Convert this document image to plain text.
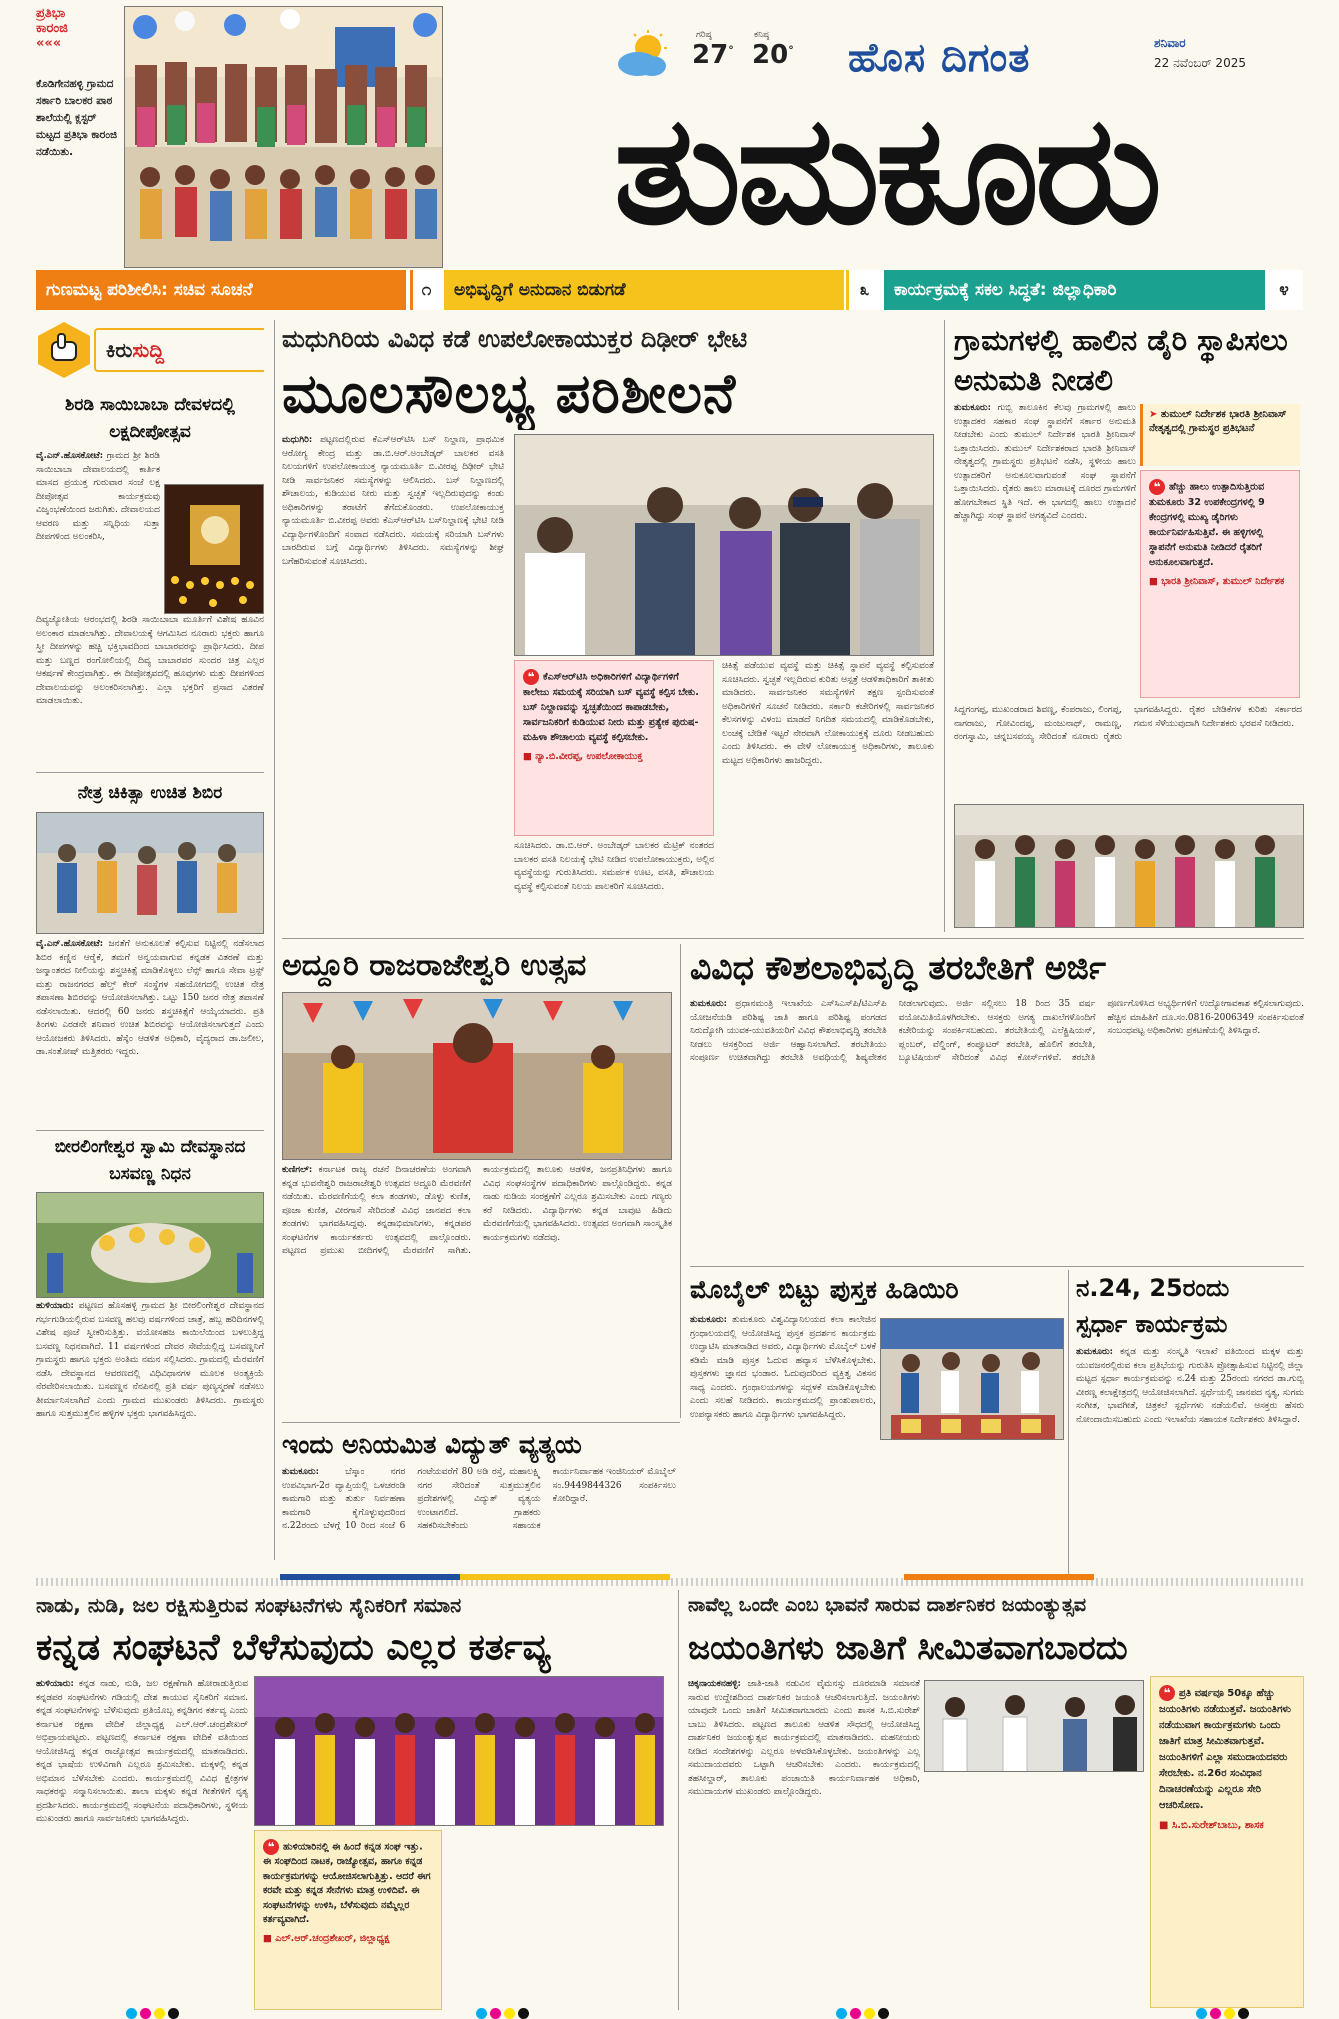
ಪ್ರತಿಭಾ
ಕಾರಂಜಿ
«««
ಕೊಡಿಗೇನಹಳ್ಳಿ ಗ್ರಾಮದ ಸರ್ಕಾರಿ ಬಾಲಕರ ಪಾಠ ಶಾಲೆಯಲ್ಲಿ ಕ್ಲಸ್ಟರ್ ಮಟ್ಟದ ಪ್ರತಿಭಾ ಕಾರಂಜಿ ನಡೆಯಿತು.
ಗರಿಷ್ಠ
27°
ಕನಿಷ್ಠ
20° ಹೊಸ ದಿಗಂತ	ಶನಿವಾರ
22 ನವೆಂಬರ್ 2025
ತುಮಕೂರು
ಗುಣಮಟ್ಟ ಪರಿಶೀಲಿಸಿ: ಸಚಿವ ಸೂಚನೆ	೧	ಅಭಿವೃದ್ಧಿಗೆ ಅನುದಾನ ಬಿಡುಗಡೆ	೩	ಕಾರ್ಯಕ್ರಮಕ್ಕೆ ಸಕಲ ಸಿದ್ಧತೆ: ಜಿಲ್ಲಾಧಿಕಾರಿ	೪
ಕಿರುಸುದ್ದಿ
ಶಿರಡಿ ಸಾಯಿಬಾಬಾ ದೇವಳದಲ್ಲಿ ಲಕ್ಷದೀಪೋತ್ಸವ
ವೈ.ಎನ್.ಹೊಸಕೋಟೆ: ಗ್ರಾಮದ ಶ್ರೀ ಶಿರಡಿ ಸಾಯಿಬಾಬಾ ದೇವಾಲಯದಲ್ಲಿ ಕಾರ್ತಿಕ ಮಾಸದ ಪ್ರಯುಕ್ತ ಗುರುವಾರ ಸಂಜೆ ಲಕ್ಷ ದೀಪೋತ್ಸವ ಕಾರ್ಯಕ್ರಮವು ವಿಜೃಂಭಣೆಯಿಂದ ಜರುಗಿತು. ದೇವಾಲಯದ ಆವರಣ ಮತ್ತು ಸನ್ನಿಧಿಯ ಸುತ್ತಾ ದೀಪಗಳಿಂದ ಅಲಂಕರಿಸಿ,
ದಿವ್ಯಜ್ಯೋತಿಯ ಆರಂಭದಲ್ಲಿ ಶಿರಡಿ ಸಾಯಿಬಾಬಾ ಮೂರ್ತಿಗೆ ವಿಶೇಷ ಹೂವಿನ ಅಲಂಕಾರ ಮಾಡಲಾಗಿತ್ತು. ದೇವಾಲಯಕ್ಕೆ ಆಗಮಿಸಿದ ನೂರಾರು ಭಕ್ತರು ಹಾಗೂ ಸ್ತ್ರೀ ದೀಪಗಳನ್ನು ಹಚ್ಚಿ ಭಕ್ತಿಭಾವದಿಂದ ಬಾಬಾರವರನ್ನು ಪ್ರಾರ್ಥಿಸಿದರು. ದೀಪ ಮತ್ತು ಬಣ್ಣದ ರಂಗೋಲಿಯಲ್ಲಿ ದಿವ್ಯ ಬಾಬಾರವರ ಸುಂದರ ಚಿತ್ರ ಎಲ್ಲರ ಆಕರ್ಷಣೆ ಕೇಂದ್ರವಾಗಿತ್ತು. ಈ ದೀಪೋತ್ಸವದಲ್ಲಿ ಹೂವುಗಳು ಮತ್ತು ದೀಪಗಳಿಂದ ದೇವಾಲಯವನ್ನು ಅಲಂಕರಿಸಲಾಗಿತ್ತು. ಎಲ್ಲಾ ಭಕ್ತರಿಗೆ ಪ್ರಸಾದ ವಿತರಣೆ ಮಾಡಲಾಯಿತು.
ನೇತ್ರ ಚಿಕಿತ್ಸಾ ಉಚಿತ ಶಿಬಿರ
ವೈ.ಎನ್.ಹೊಸಕೋಟೆ: ಜನತೆಗೆ ಅನುಕೂಲತೆ ಕಲ್ಪಿಸುವ ನಿಟ್ಟಿನಲ್ಲಿ ನಡೆಸಲಾದ ಶಿಬಿರ ಕಣ್ಣಿನ ಆರೈಕೆ, ತಮಗೆ ಅನ್ವಯವಾಗುವ ಕನ್ನಡಕ ವಿತರಣೆ ಮತ್ತು ಜನ್ಮಾಂತರದ ನೀಲಿಯನ್ನು ಶಸ್ತ್ರಚಿಕಿತ್ಸೆ ಮಾಡಿಕೊಳ್ಳಲು ಲೆನ್ಸ್ ಹಾಗೂ ಸೇವಾ ಟ್ರಸ್ಟ್ ಮತ್ತು ರಾಜನಗರದ ಹೆಲ್ತ್ ಕೇರ್ ಸಂಸ್ಥೆಗಳ ಸಹಯೋಗದಲ್ಲಿ ಉಚಿತ ನೇತ್ರ ತಪಾಸಣಾ ಶಿಬಿರವನ್ನು ಆಯೋಜಿಸಲಾಗಿತ್ತು. ಒಟ್ಟು 150 ಜನರ ನೇತ್ರ ತಪಾಸಣೆ ನಡೆಸಲಾಯಿತು. ಆದರಲ್ಲಿ 60 ಜನರು ಶಸ್ತ್ರಚಿಕಿತ್ಸೆಗೆ ಆಯ್ಕೆಯಾದರು. ಪ್ರತಿ ತಿಂಗಳು ಎರಡನೇ ಶನಿವಾರ ಉಚಿತ ಶಿಬಿರವನ್ನು ಆಯೋಜಿಸಲಾಗುತ್ತದೆ ಎಂದು ಆಯೋಜಕರು ತಿಳಿಸಿದರು. ಹೆಸ್ಕೆಂ ಆಡಳಿತ ಅಧಿಕಾರಿ, ವೈದ್ಯರಾದ ಡಾ.ಜಲೀಲ, ಡಾ.ಸಂತೋಷ್ ಮತ್ತಿತರರು ಇದ್ದರು.
ಬೀರಲಿಂಗೇಶ್ವರ ಸ್ವಾಮಿ ದೇವಸ್ಥಾನದ ಬಸವಣ್ಣ ನಿಧನ
ಹುಳಿಯಾರು: ಪಟ್ಟಣದ ಹೊಸಹಳ್ಳಿ ಗ್ರಾಮದ ಶ್ರೀ ಬೀರಲಿಂಗೇಶ್ವರ ದೇವಸ್ಥಾನದ ಗರ್ಭಗುಡಿಯಲ್ಲಿರುವ ಬಸವಣ್ಣ ಹಲವು ವರ್ಷಗಳಿಂದ ಜಾತ್ರೆ, ಹಬ್ಬ ಹರಿದಿನಗಳಲ್ಲಿ ವಿಶೇಷ ಪೂಜೆ ಸ್ವೀಕರಿಸುತ್ತಿತ್ತು. ವಯೋಸಹಜ ಕಾಯಿಲೆಯಿಂದ ಬಳಲುತ್ತಿದ್ದ ಬಸವಣ್ಣ ನಿಧನವಾಗಿದೆ. 11 ವರ್ಷಗಳಿಂದ ದೇವರ ಸೇವೆಯಲ್ಲಿದ್ದ ಬಸವಣ್ಣನಿಗೆ ಗ್ರಾಮಸ್ಥರು ಹಾಗೂ ಭಕ್ತರು ಅಂತಿಮ ನಮನ ಸಲ್ಲಿಸಿದರು. ಗ್ರಾಮದಲ್ಲಿ ಮೆರವಣಿಗೆ ನಡೆಸಿ ದೇವಸ್ಥಾನದ ಆವರಣದಲ್ಲಿ ವಿಧಿವಿಧಾನಗಳ ಮೂಲಕ ಅಂತ್ಯಕ್ರಿಯೆ ನೆರವೇರಿಸಲಾಯಿತು. ಬಸವಣ್ಣನ ನೆನಪಿನಲ್ಲಿ ಪ್ರತಿ ವರ್ಷ ಪುಣ್ಯಸ್ಮರಣೆ ನಡೆಸಲು ತೀರ್ಮಾನಿಸಲಾಗಿದೆ ಎಂದು ಗ್ರಾಮದ ಮುಖಂಡರು ತಿಳಿಸಿದರು. ಗ್ರಾಮಸ್ಥರು ಹಾಗೂ ಸುತ್ತಮುತ್ತಲಿನ ಹಳ್ಳಿಗಳ ಭಕ್ತರು ಭಾಗವಹಿಸಿದ್ದರು.
ಮಧುಗಿರಿಯ ವಿವಿಧ ಕಡೆ ಉಪಲೋಕಾಯುಕ್ತರ ದಿಢೀರ್ ಭೇಟಿ
ಮೂಲಸೌಲಭ್ಯ ಪರಿಶೀಲನೆ
ಮಧುಗಿರಿ: ಪಟ್ಟಣದಲ್ಲಿರುವ ಕೆಎಸ್‌ಆರ್‌ಟಿಸಿ ಬಸ್ ನಿಲ್ದಾಣ, ಪ್ರಾಥಮಿಕ ಆರೋಗ್ಯ ಕೇಂದ್ರ ಮತ್ತು ಡಾ.ಬಿ.ಆರ್.ಅಂಬೇಡ್ಕರ್ ಬಾಲಕರ ವಸತಿ ನಿಲಯಗಳಿಗೆ ಉಪಲೋಕಾಯುಕ್ತ ನ್ಯಾಯಮೂರ್ತಿ ಬಿ.ವೀರಪ್ಪ ದಿಢೀರ್ ಭೇಟಿ ನೀಡಿ ಸಾರ್ವಜನಿಕರ ಸಮಸ್ಯೆಗಳನ್ನು ಆಲಿಸಿದರು. ಬಸ್ ನಿಲ್ದಾಣದಲ್ಲಿ ಶೌಚಾಲಯ, ಕುಡಿಯುವ ನೀರು ಮತ್ತು ಸ್ವಚ್ಛತೆ ಇಲ್ಲದಿರುವುದನ್ನು ಕಂಡು ಅಧಿಕಾರಿಗಳನ್ನು ತರಾಟೆಗೆ ತೆಗೆದುಕೊಂಡರು. ಉಪಲೋಕಾಯುಕ್ತ ನ್ಯಾಯಮೂರ್ತಿ ಬಿ.ವೀರಪ್ಪ ಅವರು ಕೆಎಸ್‌ಆರ್‌ಟಿಸಿ ಬಸ್‌ನಿಲ್ದಾಣಕ್ಕೆ ಭೇಟಿ ನೀಡಿ ವಿದ್ಯಾರ್ಥಿಗಳೊಂದಿಗೆ ಸಂವಾದ ನಡೆಸಿದರು. ಸಮಯಕ್ಕೆ ಸರಿಯಾಗಿ ಬಸ್‌ಗಳು ಬಾರದಿರುವ ಬಗ್ಗೆ ವಿದ್ಯಾರ್ಥಿಗಳು ತಿಳಿಸಿದರು. ಸಮಸ್ಯೆಗಳನ್ನು ಶೀಘ್ರ ಬಗೆಹರಿಸುವಂತೆ ಸೂಚಿಸಿದರು.
❝ ಕೆಎಸ್‌ಆರ್‌ಟಿಸಿ ಅಧಿಕಾರಿಗಳಿಗೆ ವಿದ್ಯಾರ್ಥಿಗಳಿಗೆ ಕಾಲೇಜು ಸಮಯಕ್ಕೆ ಸರಿಯಾಗಿ ಬಸ್ ವ್ಯವಸ್ಥೆ ಕಲ್ಪಿಸ ಬೇಕು. ಬಸ್ ನಿಲ್ದಾಣವನ್ನು ಸ್ವಚ್ಛತೆಯಿಂದ ಕಾಪಾಡಬೇಕು, ಸಾರ್ವಜನಿಕರಿಗೆ ಕುಡಿಯುವ ನೀರು ಮತ್ತು ಪ್ರತ್ಯೇಕ ಪುರುಷ-ಮಹಿಳಾ ಶೌಚಾಲಯ ವ್ಯವಸ್ಥೆ ಕಲ್ಪಿಸಬೇಕು.
■ ನ್ಯಾ.ಬಿ.ವೀರಪ್ಪ, ಉಪಲೋಕಾಯುಕ್ತ
ಸೂಚಿಸಿದರು. ಡಾ.ಬಿ.ಆರ್. ಅಂಬೇಡ್ಕರ್ ಬಾಲಕರ ಮೆಟ್ರಿಕ್ ನಂತರದ ಬಾಲಕರ ವಸತಿ ನಿಲಯಕ್ಕೆ ಭೇಟಿ ನೀಡಿದ ಉಪಲೋಕಾಯುಕ್ತರು, ಅಲ್ಲಿನ ವ್ಯವಸ್ಥೆಯನ್ನು ಗುರುತಿಸಿದರು. ಸಮರ್ಪಕ ಊಟ, ವಸತಿ, ಶೌಚಾಲಯ ವ್ಯವಸ್ಥೆ ಕಲ್ಪಿಸುವಂತೆ ನಿಲಯ ಪಾಲಕರಿಗೆ ಸೂಚಿಸಿದರು.
ಚಿಕಿತ್ಸೆ ಪಡೆಯುವ ವ್ಯವಸ್ಥೆ ಮತ್ತು ಚಿಕಿತ್ಸೆ ಸ್ಥಾಪನೆ ವ್ಯವಸ್ಥೆ ಕಲ್ಪಿಸುವಂತೆ ಸೂಚಿಸಿದರು. ಸ್ವಚ್ಛತೆ ಇಲ್ಲದಿರುವ ಕುರಿತು ಆಸ್ಪತ್ರೆ ಆಡಳಿತಾಧಿಕಾರಿಗೆ ತಾಕೀತು ಮಾಡಿದರು. ಸಾರ್ವಜನಿಕರ ಸಮಸ್ಯೆಗಳಿಗೆ ತಕ್ಷಣ ಸ್ಪಂದಿಸುವಂತೆ ಅಧಿಕಾರಿಗಳಿಗೆ ಸೂಚನೆ ನೀಡಿದರು. ಸರ್ಕಾರಿ ಕಚೇರಿಗಳಲ್ಲಿ ಸಾರ್ವಜನಿಕರ ಕೆಲಸಗಳನ್ನು ವಿಳಂಬ ಮಾಡದೆ ನಿಗದಿತ ಸಮಯದಲ್ಲಿ ಮಾಡಿಕೊಡಬೇಕು, ಲಂಚಕ್ಕೆ ಬೇಡಿಕೆ ಇಟ್ಟರೆ ನೇರವಾಗಿ ಲೋಕಾಯುಕ್ತಕ್ಕೆ ದೂರು ನೀಡಬಹುದು ಎಂದು ತಿಳಿಸಿದರು. ಈ ವೇಳೆ ಲೋಕಾಯುಕ್ತ ಅಧಿಕಾರಿಗಳು, ತಾಲೂಕು ಮಟ್ಟದ ಅಧಿಕಾರಿಗಳು ಹಾಜರಿದ್ದರು.
ಗ್ರಾಮಗಳಲ್ಲಿ ಹಾಲಿನ ಡೈರಿ ಸ್ಥಾಪಿಸಲು ಅನುಮತಿ ನೀಡಲಿ
ತುಮಕೂರು: ಗುಬ್ಬಿ ತಾಲೂಕಿನ ಕೆಲವು ಗ್ರಾಮಗಳಲ್ಲಿ ಹಾಲು ಉತ್ಪಾದಕರ ಸಹಕಾರ ಸಂಘ ಸ್ಥಾಪನೆಗೆ ಸರ್ಕಾರ ಅನುಮತಿ ನೀಡಬೇಕು ಎಂದು ತುಮುಲ್ ನಿರ್ದೇಶಕ ಭಾರತಿ ಶ್ರೀನಿವಾಸ್ ಒತ್ತಾಯಿಸಿದರು. ತುಮುಲ್ ನಿರ್ದೇಶಕರಾದ ಭಾರತಿ ಶ್ರೀನಿವಾಸ್ ನೇತೃತ್ವದಲ್ಲಿ ಗ್ರಾಮಸ್ಥರು ಪ್ರತಿಭಟನೆ ನಡೆಸಿ, ಸ್ಥಳೀಯ ಹಾಲು ಉತ್ಪಾದಕರಿಗೆ ಅನುಕೂಲವಾಗುವಂತೆ ಸಂಘ ಸ್ಥಾಪನೆಗೆ ಒತ್ತಾಯಿಸಿದರು. ರೈತರು ಹಾಲು ಮಾರಾಟಕ್ಕೆ ದೂರದ ಗ್ರಾಮಗಳಿಗೆ ಹೋಗಬೇಕಾದ ಸ್ಥಿತಿ ಇದೆ. ಈ ಭಾಗದಲ್ಲಿ ಹಾಲು ಉತ್ಪಾದನೆ ಹೆಚ್ಚಾಗಿದ್ದು ಸಂಘ ಸ್ಥಾಪನೆ ಅಗತ್ಯವಿದೆ ಎಂದರು.
➤ ತುಮುಲ್ ನಿರ್ದೇಶಕ ಭಾರತಿ ಶ್ರೀನಿವಾಸ್ ನೇತೃತ್ವದಲ್ಲಿ ಗ್ರಾಮಸ್ಥರ ಪ್ರತಿಭಟನೆ
❝ ಹೆಚ್ಚು ಹಾಲು ಉತ್ಪಾದಿಸುತ್ತಿರುವ ತುಮಕೂರು 32 ಉಪಕೇಂದ್ರಗಳಲ್ಲಿ 9 ಕೇಂದ್ರಗಳಲ್ಲಿ ಮುಖ್ಯ ಡೈರಿಗಳು ಕಾರ್ಯನಿರ್ವಹಿಸುತ್ತಿವೆ. ಈ ಹಳ್ಳಿಗಳಲ್ಲಿ ಸ್ಥಾಪನೆಗೆ ಅನುಮತಿ ನೀಡಿದರೆ ರೈತರಿಗೆ ಅನುಕೂಲವಾಗುತ್ತದೆ.
■ ಭಾರತಿ ಶ್ರೀನಿವಾಸ್, ತುಮುಲ್ ನಿರ್ದೇಶಕ
ಸಿದ್ದಗಂಗಪ್ಪ, ಮುಖಂಡರಾದ ಶಿವಣ್ಣ, ಕೆಂಪರಾಜು, ಲಿಂಗಪ್ಪ, ನಾಗರಾಜು, ಗೋವಿಂದಪ್ಪ, ಮಂಜುನಾಥ್, ರಾಮಣ್ಣ, ರಂಗಸ್ವಾಮಿ, ಚನ್ನಬಸವಯ್ಯ ಸೇರಿದಂತೆ ನೂರಾರು ರೈತರು ಭಾಗವಹಿಸಿದ್ದರು. ರೈತರ ಬೇಡಿಕೆಗಳ ಕುರಿತು ಸರ್ಕಾರದ ಗಮನ ಸೆಳೆಯುವುದಾಗಿ ನಿರ್ದೇಶಕರು ಭರವಸೆ ನೀಡಿದರು.
ಅದ್ದೂರಿ ರಾಜರಾಜೇಶ್ವರಿ ಉತ್ಸವ
ಕುಣಿಗಲ್: ಕರ್ನಾಟಕ ರಾಜ್ಯ ರಚನೆ ದಿನಾಚರಣೆಯ ಅಂಗವಾಗಿ ಕನ್ನಡ ಭುವನೇಶ್ವರಿ ರಾಜರಾಜೇಶ್ವರಿ ಉತ್ಸವದ ಅದ್ದೂರಿ ಮೆರವಣಿಗೆ ನಡೆಯಿತು. ಮೆರವಣಿಗೆಯಲ್ಲಿ ಕಲಾ ತಂಡಗಳು, ಡೊಳ್ಳು ಕುಣಿತ, ಪೂಜಾ ಕುಣಿತ, ವೀರಗಾಸೆ ಸೇರಿದಂತೆ ವಿವಿಧ ಜಾನಪದ ಕಲಾ ತಂಡಗಳು ಭಾಗವಹಿಸಿದ್ದವು. ಕನ್ನಡಾಭಿಮಾನಿಗಳು, ಕನ್ನಡಪರ ಸಂಘಟನೆಗಳ ಕಾರ್ಯಕರ್ತರು ಉತ್ಸವದಲ್ಲಿ ಪಾಲ್ಗೊಂಡರು. ಪಟ್ಟಣದ ಪ್ರಮುಖ ಬೀದಿಗಳಲ್ಲಿ ಮೆರವಣಿಗೆ ಸಾಗಿತು. ಕಾರ್ಯಕ್ರಮದಲ್ಲಿ ತಾಲೂಕು ಆಡಳಿತ, ಜನಪ್ರತಿನಿಧಿಗಳು ಹಾಗೂ ವಿವಿಧ ಸಂಘಸಂಸ್ಥೆಗಳ ಪದಾಧಿಕಾರಿಗಳು ಪಾಲ್ಗೊಂಡಿದ್ದರು. ಕನ್ನಡ ನಾಡು ನುಡಿಯ ಸಂರಕ್ಷಣೆಗೆ ಎಲ್ಲರೂ ಶ್ರಮಿಸಬೇಕು ಎಂದು ಗಣ್ಯರು ಕರೆ ನೀಡಿದರು. ವಿದ್ಯಾರ್ಥಿಗಳು ಕನ್ನಡ ಬಾವುಟ ಹಿಡಿದು ಮೆರವಣಿಗೆಯಲ್ಲಿ ಭಾಗವಹಿಸಿದರು. ಉತ್ಸವದ ಅಂಗವಾಗಿ ಸಾಂಸ್ಕೃತಿಕ ಕಾರ್ಯಕ್ರಮಗಳು ನಡೆದವು.
ವಿವಿಧ ಕೌಶಲಾಭಿವೃದ್ಧಿ ತರಬೇತಿಗೆ ಅರ್ಜಿ
ತುಮಕೂರು: ಪ್ರಧಾನಮಂತ್ರಿ ಇಲಾಖೆಯ ಎಸ್‌ಸಿಎಸ್‌ಪಿ/ಟಿಎಸ್‌ಪಿ ಯೋಜನೆಯಡಿ ಪರಿಶಿಷ್ಟ ಜಾತಿ ಹಾಗೂ ಪರಿಶಿಷ್ಟ ಪಂಗಡದ ನಿರುದ್ಯೋಗಿ ಯುವಕ-ಯುವತಿಯರಿಗೆ ವಿವಿಧ ಕೌಶಲಾಭಿವೃದ್ಧಿ ತರಬೇತಿ ನೀಡಲು ಆಸಕ್ತರಿಂದ ಅರ್ಜಿ ಆಹ್ವಾನಿಸಲಾಗಿದೆ. ತರಬೇತಿಯು ಸಂಪೂರ್ಣ ಉಚಿತವಾಗಿದ್ದು ತರಬೇತಿ ಅವಧಿಯಲ್ಲಿ ಶಿಷ್ಯವೇತನ ನೀಡಲಾಗುವುದು. ಅರ್ಜಿ ಸಲ್ಲಿಸಲು 18 ರಿಂದ 35 ವರ್ಷ ವಯೋಮಿತಿಯೊಳಗಿರಬೇಕು. ಆಸಕ್ತರು ಅಗತ್ಯ ದಾಖಲೆಗಳೊಂದಿಗೆ ಕಚೇರಿಯನ್ನು ಸಂಪರ್ಕಿಸಬಹುದು. ತರಬೇತಿಯಲ್ಲಿ ಎಲೆಕ್ಟ್ರಿಷಿಯನ್, ಪ್ಲಂಬರ್, ವೆಲ್ಡಿಂಗ್, ಕಂಪ್ಯೂಟರ್ ತರಬೇತಿ, ಹೊಲಿಗೆ ತರಬೇತಿ, ಬ್ಯೂಟಿಷಿಯನ್ ಸೇರಿದಂತೆ ವಿವಿಧ ಕೋರ್ಸ್‌ಗಳಿವೆ. ತರಬೇತಿ ಪೂರ್ಣಗೊಳಿಸಿದ ಅಭ್ಯರ್ಥಿಗಳಿಗೆ ಉದ್ಯೋಗಾವಕಾಶ ಕಲ್ಪಿಸಲಾಗುವುದು. ಹೆಚ್ಚಿನ ಮಾಹಿತಿಗೆ ದೂ.ಸಂ.0816-2006349 ಸಂಪರ್ಕಿಸುವಂತೆ ಸಂಬಂಧಪಟ್ಟ ಅಧಿಕಾರಿಗಳು ಪ್ರಕಟಣೆಯಲ್ಲಿ ತಿಳಿಸಿದ್ದಾರೆ.
ಮೊಬೈಲ್ ಬಿಟ್ಟು ಪುಸ್ತಕ ಹಿಡಿಯಿರಿ
ತುಮಕೂರು: ತುಮಕೂರು ವಿಶ್ವವಿದ್ಯಾನಿಲಯದ ಕಲಾ ಕಾಲೇಜಿನ ಗ್ರಂಥಾಲಯದಲ್ಲಿ ಆಯೋಜಿಸಿದ್ದ ಪುಸ್ತಕ ಪ್ರದರ್ಶನ ಕಾರ್ಯಕ್ರಮ ಉದ್ಘಾಟಿಸಿ ಮಾತನಾಡಿದ ಅವರು, ವಿದ್ಯಾರ್ಥಿಗಳು ಮೊಬೈಲ್ ಬಳಕೆ ಕಡಿಮೆ ಮಾಡಿ ಪುಸ್ತಕ ಓದುವ ಹವ್ಯಾಸ ಬೆಳೆಸಿಕೊಳ್ಳಬೇಕು. ಪುಸ್ತಕಗಳು ಜ್ಞಾನದ ಭಂಡಾರ. ಓದುವುದರಿಂದ ವ್ಯಕ್ತಿತ್ವ ವಿಕಸನ ಸಾಧ್ಯ ಎಂದರು. ಗ್ರಂಥಾಲಯಗಳನ್ನು ಸದ್ಬಳಕೆ ಮಾಡಿಕೊಳ್ಳಬೇಕು ಎಂದು ಸಲಹೆ ನೀಡಿದರು. ಕಾರ್ಯಕ್ರಮದಲ್ಲಿ ಪ್ರಾಂಶುಪಾಲರು, ಉಪನ್ಯಾಸಕರು ಹಾಗೂ ವಿದ್ಯಾರ್ಥಿಗಳು ಭಾಗವಹಿಸಿದ್ದರು.
ನ.24, 25ರಂದು
ಸ್ಪರ್ಧಾ ಕಾರ್ಯಕ್ರಮ
ತುಮಕೂರು: ಕನ್ನಡ ಮತ್ತು ಸಂಸ್ಕೃತಿ ಇಲಾಖೆ ವತಿಯಿಂದ ಮಕ್ಕಳ ಮತ್ತು ಯುವಜನರಲ್ಲಿರುವ ಕಲಾ ಪ್ರತಿಭೆಯನ್ನು ಗುರುತಿಸಿ ಪ್ರೋತ್ಸಾಹಿಸುವ ನಿಟ್ಟಿನಲ್ಲಿ ಜಿಲ್ಲಾ ಮಟ್ಟದ ಸ್ಪರ್ಧಾ ಕಾರ್ಯಕ್ರಮವನ್ನು ನ.24 ಮತ್ತು 25ರಂದು ನಗರದ ಡಾ.ಗುಬ್ಬಿ ವೀರಣ್ಣ ಕಲಾಕ್ಷೇತ್ರದಲ್ಲಿ ಆಯೋಜಿಸಲಾಗಿದೆ. ಸ್ಪರ್ಧೆಯಲ್ಲಿ ಜಾನಪದ ನೃತ್ಯ, ಸುಗಮ ಸಂಗೀತ, ಭಾವಗೀತೆ, ಚಿತ್ರಕಲೆ ಸ್ಪರ್ಧೆಗಳು ನಡೆಯಲಿವೆ. ಆಸಕ್ತರು ಹೆಸರು ನೋಂದಾಯಿಸಬಹುದು ಎಂದು ಇಲಾಖೆಯ ಸಹಾಯಕ ನಿರ್ದೇಶಕರು ತಿಳಿಸಿದ್ದಾರೆ.
ಇಂದು ಅನಿಯಮಿತ ವಿದ್ಯುತ್ ವ್ಯತ್ಯಯ
ತುಮಕೂರು:	ಬೆಸ್ಕಾಂ ನಗರ ಉಪವಿಭಾಗ-2ರ ವ್ಯಾಪ್ತಿಯಲ್ಲಿ ಒಳಚರಂಡಿ ಕಾಮಗಾರಿ ಮತ್ತು ತುರ್ತು ನಿರ್ವಹಣಾ ಕಾಮಗಾರಿ ಕೈಗೊಳ್ಳುವುದರಿಂದ ನ.22ರಂದು ಬೆಳಗ್ಗೆ 10 ರಿಂದ ಸಂಜೆ 6 ಗಂಟೆಯವರೆಗೆ 80 ಅಡಿ ರಸ್ತೆ, ಮಹಾಲಕ್ಷ್ಮಿ ನಗರ ಸೇರಿದಂತೆ ಸುತ್ತಮುತ್ತಲಿನ ಪ್ರದೇಶಗಳಲ್ಲಿ ವಿದ್ಯುತ್ ವ್ಯತ್ಯಯ ಉಂಟಾಗಲಿದೆ. ಗ್ರಾಹಕರು ಸಹಕರಿಸಬೇಕೆಂದು ಸಹಾಯಕ ಕಾರ್ಯನಿರ್ವಾಹಕ ಇಂಜಿನಿಯರ್ ಮೊಬೈಲ್ ಸಂ.9449844326 ಸಂಪರ್ಕಿಸಲು ಕೋರಿದ್ದಾರೆ.
ನಾಡು, ನುಡಿ, ಜಲ ರಕ್ಷಿಸುತ್ತಿರುವ ಸಂಘಟನೆಗಳು ಸೈನಿಕರಿಗೆ ಸಮಾನ
ಕನ್ನಡ ಸಂಘಟನೆ ಬೆಳೆಸುವುದು ಎಲ್ಲರ ಕರ್ತವ್ಯ
ಹುಳಿಯಾರು: ಕನ್ನಡ ನಾಡು, ನುಡಿ, ಜಲ ರಕ್ಷಣೆಗಾಗಿ ಹೋರಾಡುತ್ತಿರುವ ಕನ್ನಡಪರ ಸಂಘಟನೆಗಳು ಗಡಿಯಲ್ಲಿ ದೇಶ ಕಾಯುವ ಸೈನಿಕರಿಗೆ ಸಮಾನ. ಕನ್ನಡ ಸಂಘಟನೆಗಳನ್ನು ಬೆಳೆಸುವುದು ಪ್ರತಿಯೊಬ್ಬ ಕನ್ನಡಿಗನ ಕರ್ತವ್ಯ ಎಂದು ಕರ್ನಾಟಕ ರಕ್ಷಣಾ ವೇದಿಕೆ ಜಿಲ್ಲಾಧ್ಯಕ್ಷ ಎಲ್.ಆರ್.ಚಂದ್ರಶೇಖರ್ ಅಭಿಪ್ರಾಯಪಟ್ಟರು. ಪಟ್ಟಣದಲ್ಲಿ ಕರ್ನಾಟಕ ರಕ್ಷಣಾ ವೇದಿಕೆ ವತಿಯಿಂದ ಆಯೋಜಿಸಿದ್ದ ಕನ್ನಡ ರಾಜ್ಯೋತ್ಸವ ಕಾರ್ಯಕ್ರಮದಲ್ಲಿ ಮಾತನಾಡಿದರು. ಕನ್ನಡ ಭಾಷೆಯ ಉಳಿವಿಗಾಗಿ ಎಲ್ಲರೂ ಶ್ರಮಿಸಬೇಕು. ಮಕ್ಕಳಲ್ಲಿ ಕನ್ನಡ ಅಭಿಮಾನ ಬೆಳೆಸಬೇಕು ಎಂದರು. ಕಾರ್ಯಕ್ರಮದಲ್ಲಿ ವಿವಿಧ ಕ್ಷೇತ್ರಗಳ ಸಾಧಕರನ್ನು ಸನ್ಮಾನಿಸಲಾಯಿತು. ಶಾಲಾ ಮಕ್ಕಳು ಕನ್ನಡ ಗೀತೆಗಳಿಗೆ ನೃತ್ಯ ಪ್ರದರ್ಶಿಸಿದರು. ಕಾರ್ಯಕ್ರಮದಲ್ಲಿ ಸಂಘಟನೆಯ ಪದಾಧಿಕಾರಿಗಳು, ಸ್ಥಳೀಯ ಮುಖಂಡರು ಹಾಗೂ ಸಾರ್ವಜನಿಕರು ಭಾಗವಹಿಸಿದ್ದರು.
❝ ಹುಳಿಯಾರಿನಲ್ಲಿ ಈ ಹಿಂದೆ ಕನ್ನಡ ಸಂಘ ಇತ್ತು. ಈ ಸಂಘದಿಂದ ನಾಟಕ, ರಾಜ್ಯೋತ್ಸವ, ಹಾಗೂ ಕನ್ನಡ ಕಾರ್ಯಕ್ರಮಗಳನ್ನು ಆಯೋಜಿಸಲಾಗುತ್ತಿತ್ತು. ಆದರೆ ಈಗ ಕರವೇ ಮತ್ತು ಕನ್ನಡ ಸೇನೆಗಳು ಮಾತ್ರ ಉಳಿದಿವೆ. ಈ ಸಂಘಟನೆಗಳನ್ನು ಉಳಿಸಿ, ಬೆಳೆಸುವುದು ನಮ್ಮೆಲ್ಲರ ಕರ್ತವ್ಯವಾಗಿದೆ.
■ ಎಲ್.ಆರ್.ಚಂದ್ರಶೇಖರ್, ಜಿಲ್ಲಾಧ್ಯಕ್ಷ
ನಾವೆಲ್ಲ ಒಂದೇ ಎಂಬ ಭಾವನೆ ಸಾರುವ ದಾರ್ಶನಿಕರ ಜಯಂತ್ಯುತ್ಸವ
ಜಯಂತಿಗಳು ಜಾತಿಗೆ ಸೀಮಿತವಾಗಬಾರದು
ಚಿಕ್ಕನಾಯಕನಹಳ್ಳಿ: ಜಾತಿ-ಜಾತಿ ನಡುವಿನ ವೈಮನಸ್ಸು ದೂರಮಾಡಿ ಸಮಾನತೆ ಸಾರುವ ಉದ್ದೇಶದಿಂದ ದಾರ್ಶನಿಕರ ಜಯಂತಿ ಆಚರಿಸಲಾಗುತ್ತಿದೆ. ಜಯಂತಿಗಳು ಯಾವುದೇ ಒಂದು ಜಾತಿಗೆ ಸೀಮಿತವಾಗಬಾರದು ಎಂದು ಶಾಸಕ ಸಿ.ಬಿ.ಸುರೇಶ್ ಬಾಬು ತಿಳಿಸಿದರು. ಪಟ್ಟಣದ ತಾಲೂಕು ಆಡಳಿತ ಸೌಧದಲ್ಲಿ ಆಯೋಜಿಸಿದ್ದ ದಾರ್ಶನಿಕರ ಜಯಂತ್ಯುತ್ಸವ ಕಾರ್ಯಕ್ರಮದಲ್ಲಿ ಮಾತನಾಡಿದರು. ಮಹನೀಯರು ನೀಡಿದ ಸಂದೇಶಗಳನ್ನು ಎಲ್ಲರೂ ಅಳವಡಿಸಿಕೊಳ್ಳಬೇಕು. ಜಯಂತಿಗಳನ್ನು ಎಲ್ಲ ಸಮುದಾಯದವರು ಒಟ್ಟಾಗಿ ಆಚರಿಸಬೇಕು ಎಂದರು. ಕಾರ್ಯಕ್ರಮದಲ್ಲಿ ತಹಸೀಲ್ದಾರ್, ತಾಲೂಕು ಪಂಚಾಯಿತಿ ಕಾರ್ಯನಿರ್ವಾಹಕ ಅಧಿಕಾರಿ, ಸಮುದಾಯಗಳ ಮುಖಂಡರು ಪಾಲ್ಗೊಂಡಿದ್ದರು.
❝ ಪ್ರತಿ ವರ್ಷವೂ 50ಕ್ಕೂ ಹೆಚ್ಚು ಜಯಂತಿಗಳು ನಡೆಯುತ್ತವೆ. ಜಯಂತಿಗಳು ನಡೆಯುವಾಗ ಕಾರ್ಯಕ್ರಮಗಳು ಒಂದು ಜಾತಿಗೆ ಮಾತ್ರ ಸೀಮಿತವಾಗುತ್ತವೆ. ಜಯಂತಿಗಳಿಗೆ ಎಲ್ಲಾ ಸಮುದಾಯದವರು ಸೇರಬೇಕು. ನ.26ರ ಸಂವಿಧಾನ ದಿನಾಚರಣೆಯನ್ನು ಎಲ್ಲರೂ ಸೇರಿ ಆಚರಿಸೋಣ.
■ ಸಿ.ಬಿ.ಸುರೇಶ್‌ಬಾಬು, ಶಾಸಕ
